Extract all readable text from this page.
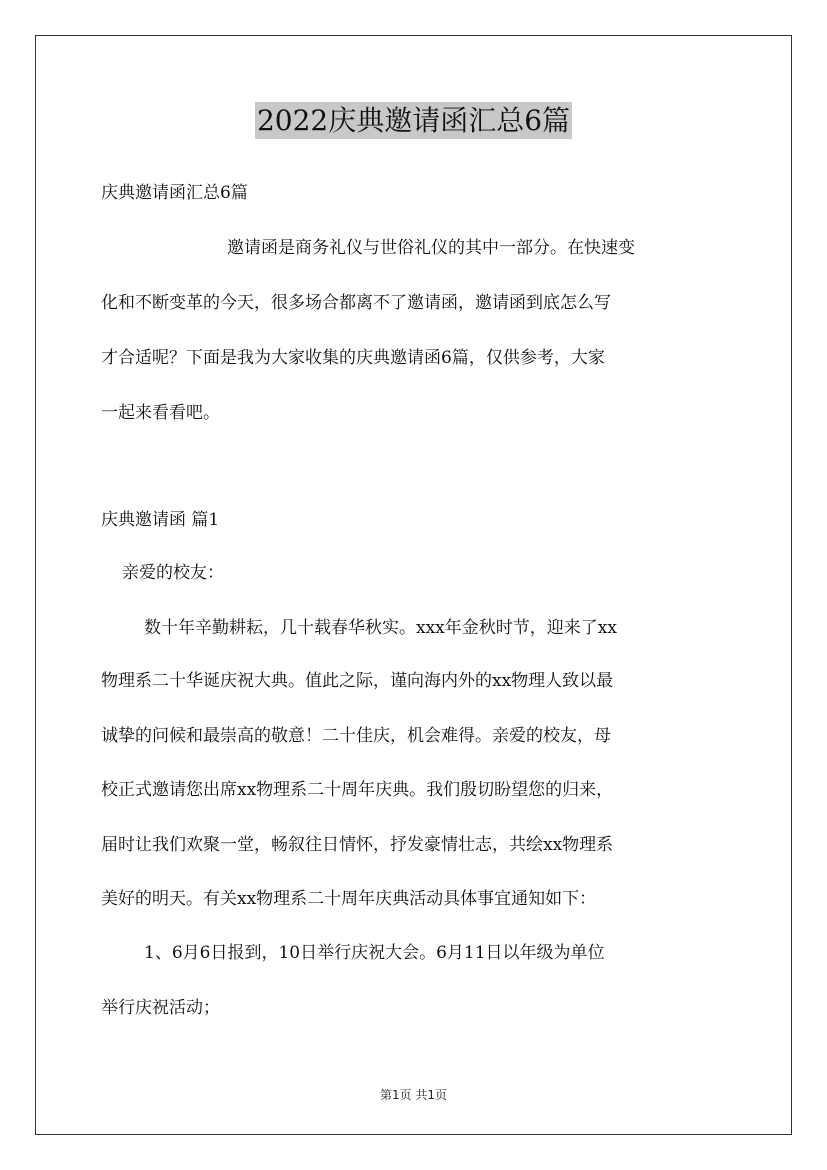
2022庆典邀请函汇总6篇

庆典邀请函汇总6篇

邀请函是商务礼仪与世俗礼仪的其中一部分。在快速变

化和不断变革的今天，很多场合都离不了邀请函，邀请函到底怎么写

才合适呢？下面是我为大家收集的庆典邀请函6篇，仅供参考，大家

一起来看看吧。

庆典邀请函 篇1

亲爱的校友：

数十年辛勤耕耘，几十载春华秋实。xxx年金秋时节，迎来了xx

物理系二十华诞庆祝大典。值此之际，谨向海内外的xx物理人致以最

诚挚的问候和最崇高的敬意！二十佳庆，机会难得。亲爱的校友，母

校正式邀请您出席xx物理系二十周年庆典。我们殷切盼望您的归来，

届时让我们欢聚一堂，畅叙往日情怀，抒发豪情壮志，共绘xx物理系

美好的明天。有关xx物理系二十周年庆典活动具体事宜通知如下：

1、6月6日报到，10日举行庆祝大会。6月11日以年级为单位

举行庆祝活动；

第1页 共1页
